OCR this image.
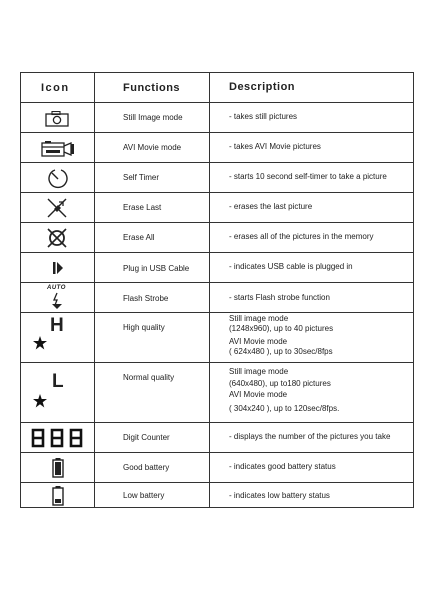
Icon	Functions	Description
Still Image mode	- takes still pictures
AVI Movie mode	- takes AVI Movie pictures
Self Timer	- starts 10 second self-timer to take a picture
Erase Last	- erases the last picture
Erase All	- erases all of the pictures in the memory
Plug in USB Cable	- indicates USB cable is plugged in
AUTO
Flash Strobe	- starts Flash strobe function
H	High quality
Still image mode
(1248x960), up to 40 pictures
AVI Movie mode
( 624x480 ), up to 30sec/8fps
L	Normal quality
Still image mode
(640x480), up to180 pictures
AVI Movie mode
( 304x240 ), up to 120sec/8fps.
Digit Counter	- displays the number of the pictures you take
Good battery	- indicates good battery status
Low battery	- indicates low battery status
